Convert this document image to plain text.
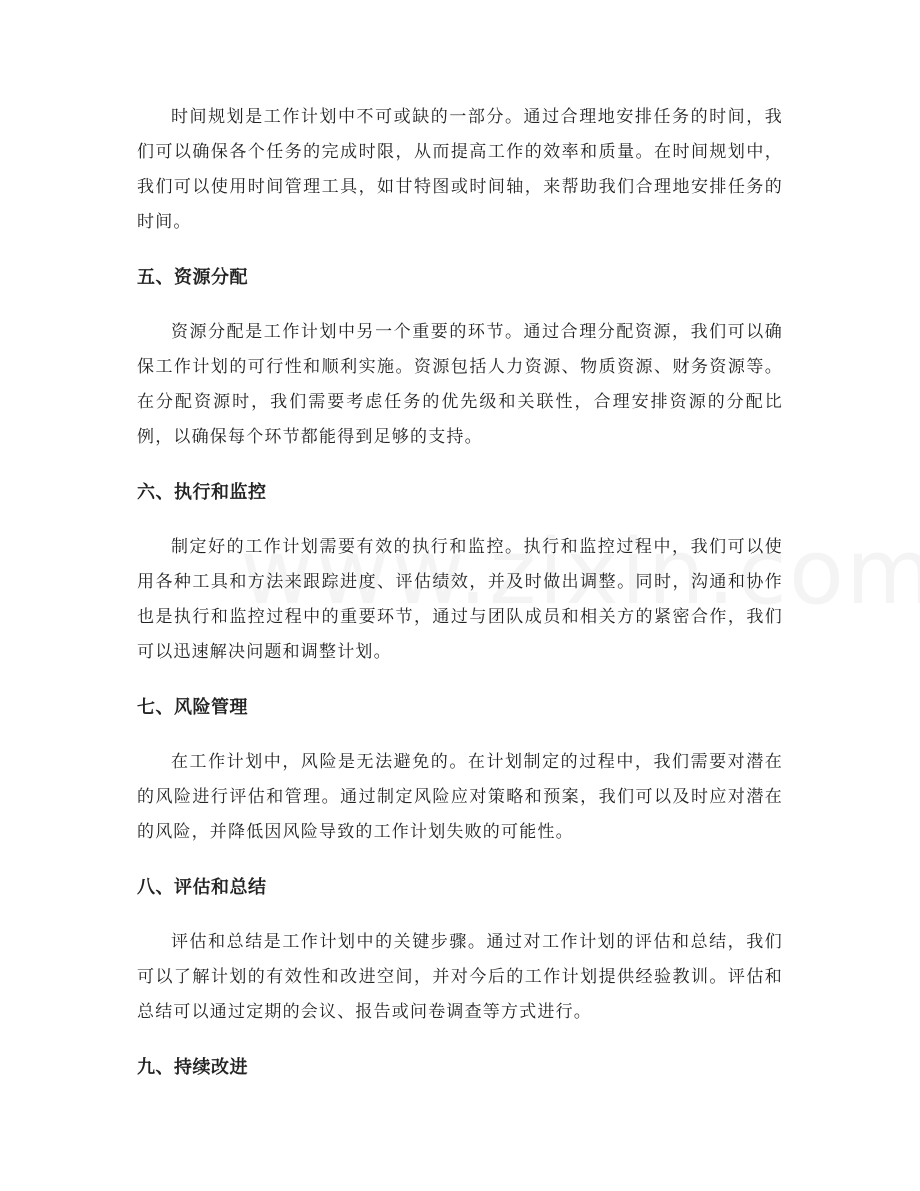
时间规划是工作计划中不可或缺的一部分。通过合理地安排任务的时间，我们可以确保各个任务的完成时限，从而提高工作的效率和质量。在时间规划中，我们可以使用时间管理工具，如甘特图或时间轴，来帮助我们合理地安排任务的时间。

五、资源分配

资源分配是工作计划中另一个重要的环节。通过合理分配资源，我们可以确保工作计划的可行性和顺利实施。资源包括人力资源、物质资源、财务资源等。在分配资源时，我们需要考虑任务的优先级和关联性，合理安排资源的分配比例，以确保每个环节都能得到足够的支持。

六、执行和监控

制定好的工作计划需要有效的执行和监控。执行和监控过程中，我们可以使用各种工具和方法来跟踪进度、评估绩效，并及时做出调整。同时，沟通和协作也是执行和监控过程中的重要环节，通过与团队成员和相关方的紧密合作，我们可以迅速解决问题和调整计划。

七、风险管理

在工作计划中，风险是无法避免的。在计划制定的过程中，我们需要对潜在的风险进行评估和管理。通过制定风险应对策略和预案，我们可以及时应对潜在的风险，并降低因风险导致的工作计划失败的可能性。

八、评估和总结

评估和总结是工作计划中的关键步骤。通过对工作计划的评估和总结，我们可以了解计划的有效性和改进空间，并对今后的工作计划提供经验教训。评估和总结可以通过定期的会议、报告或问卷调查等方式进行。

九、持续改进
